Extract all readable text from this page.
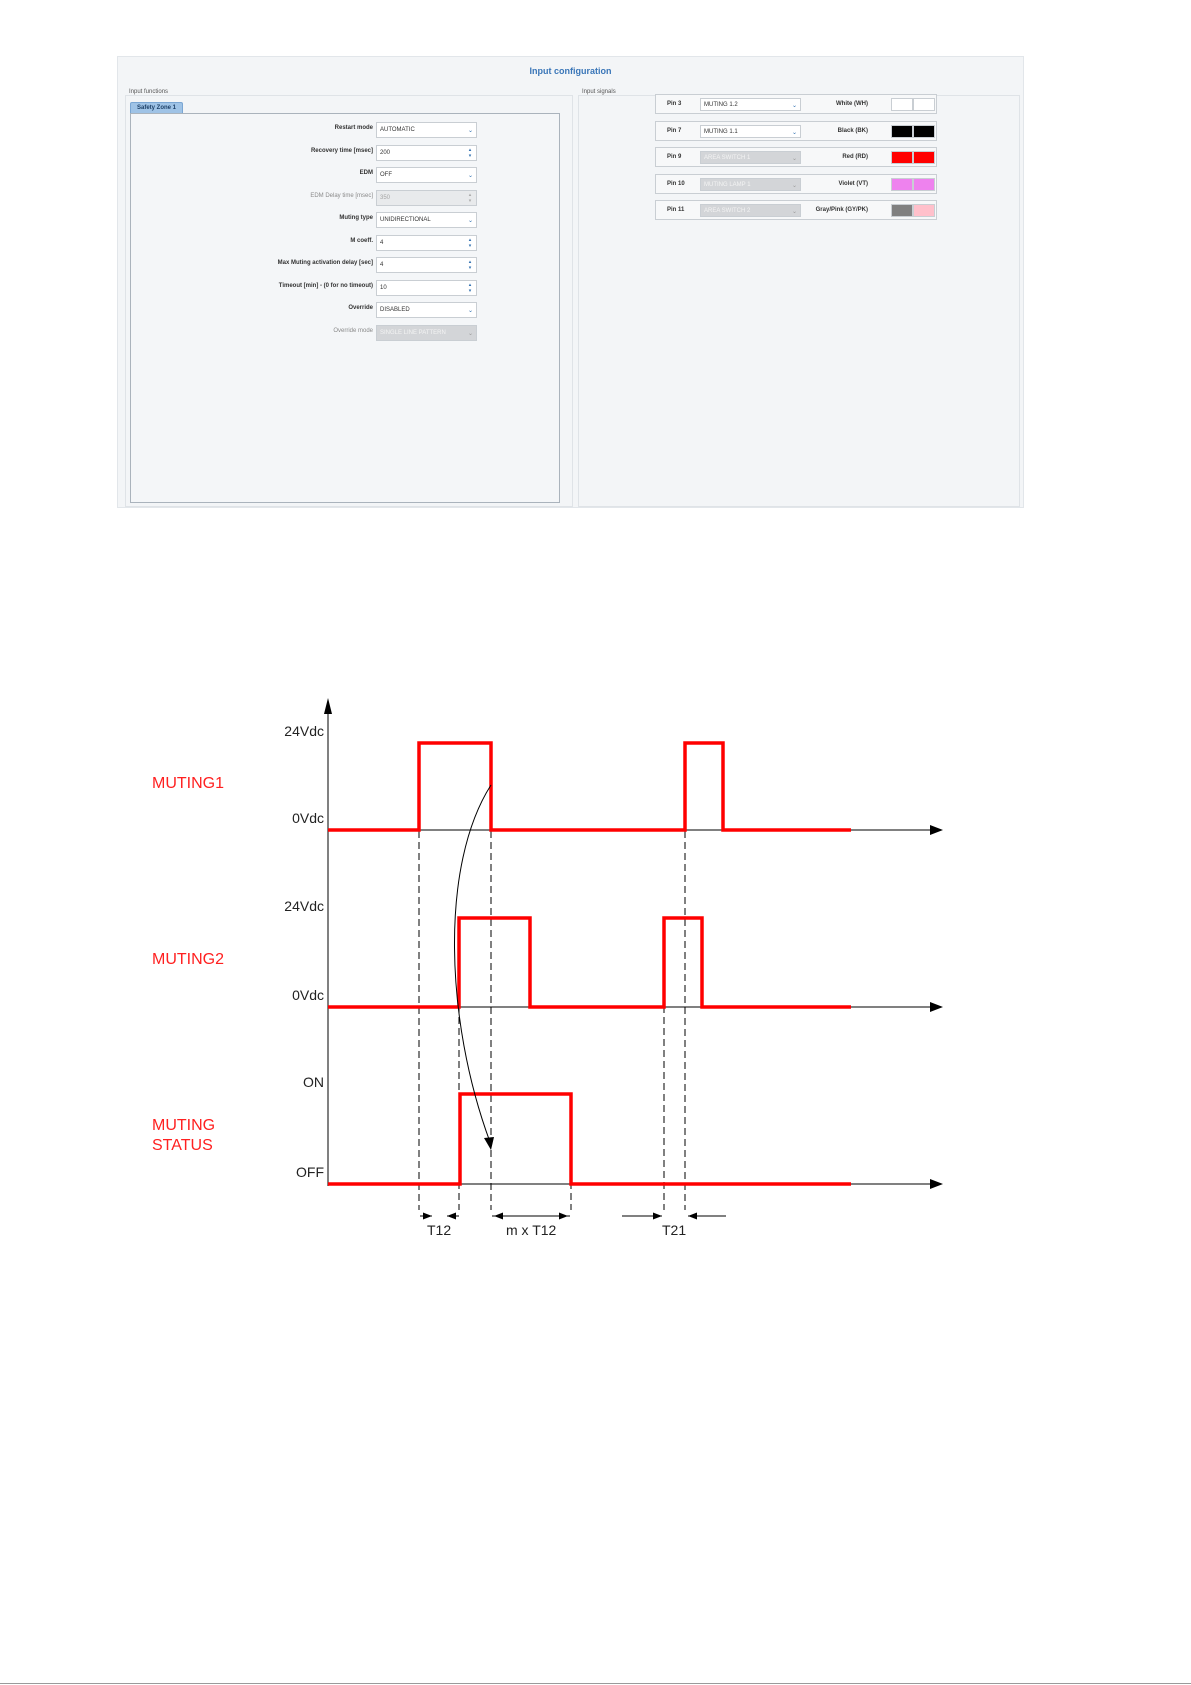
Input configuration
Input functions
Safety Zone 1
Restart mode AUTOMATIC	⌄
Recovery time [msec] 200	▴
▾
EDM OFF	⌄
EDM Delay time [msec] 350	▴
▾
Muting type UNIDIRECTIONAL	⌄
M coeff. 4	▴
▾
Max Muting activation delay [sec] 4	▴
▾
Timeout [min] - (0 for no timeout) 10	▴
▾
Override DISABLED	⌄
Override mode SINGLE LINE PATTERN	⌄
Input signals
Pin 3	MUTING 1.2	⌄	White (WH)
Pin 7	MUTING 1.1	⌄	Black (BK)
Pin 9	AREA SWITCH 1	⌄	Red (RD)
Pin 10	MUTING LAMP 1	⌄	Violet (VT)
Pin 11	AREA SWITCH 2	⌄	Gray/Pink (GY/PK)
MUTING1
24Vdc
0Vdc
MUTING2
24Vdc
0Vdc
MUTING
STATUS
ON
OFF
T12	m x T12	T21
